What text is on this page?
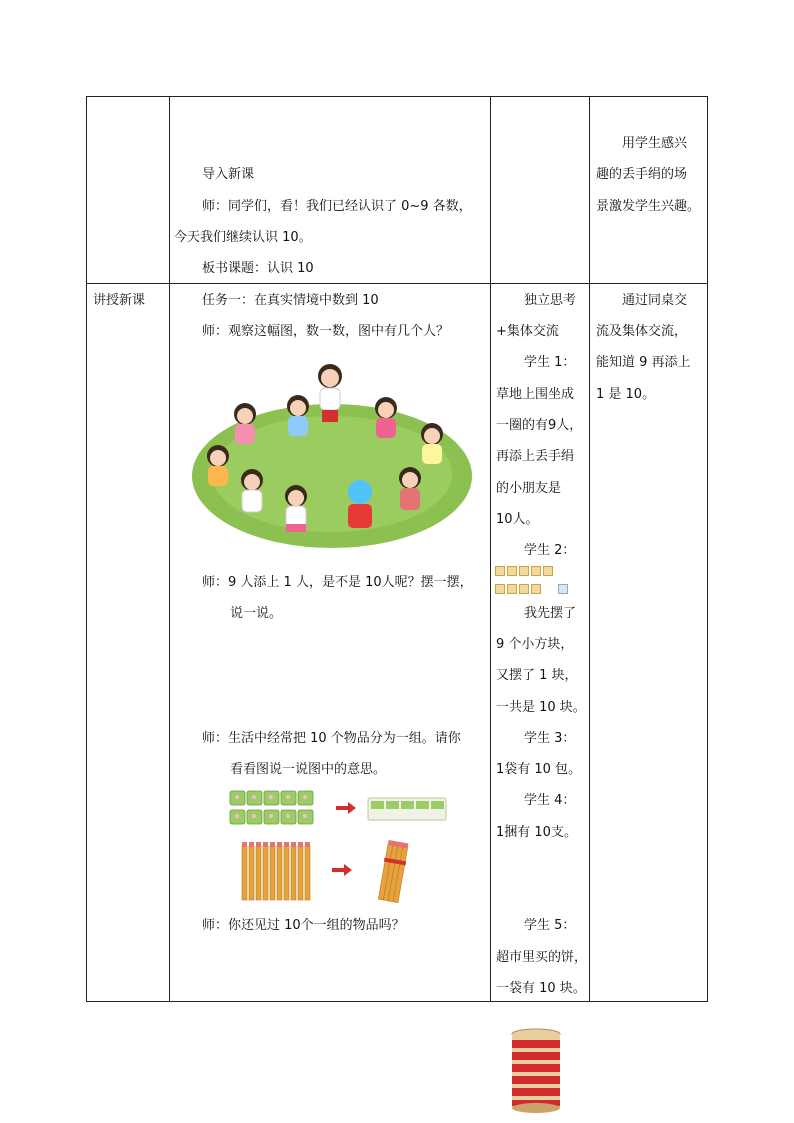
导入新课
师：同学们，看！我们已经认识了 0~9 各数，
今天我们继续认识 10。
板书课题：认识 10
用学生感兴
趣的丢手绢的场
景激发学生兴趣。
讲授新课	任务一：在真实情境中数到 10
师：观察这幅图，数一数，图中有几个人？
师：9 人添上 1 人，是不是 10人呢？摆一摆，
说一说。
师：生活中经常把 10 个物品分为一组。请你
看看图说一说图中的意思。
师：你还见过 10个一组的物品吗？
独立思考
+集体交流
学生 1：
草地上围坐成
一圈的有9人，
再添上丢手绢
的小朋友是
10人。
学生 2：
我先摆了
9 个小方块，
又摆了 1 块，
一共是 10 块。
学生 3：
1袋有 10 包。
学生 4：
1捆有 10支。
学生 5：
超市里买的饼，
一袋有 10 块。
通过同桌交
流及集体交流，
能知道 9 再添上
1 是 10。
